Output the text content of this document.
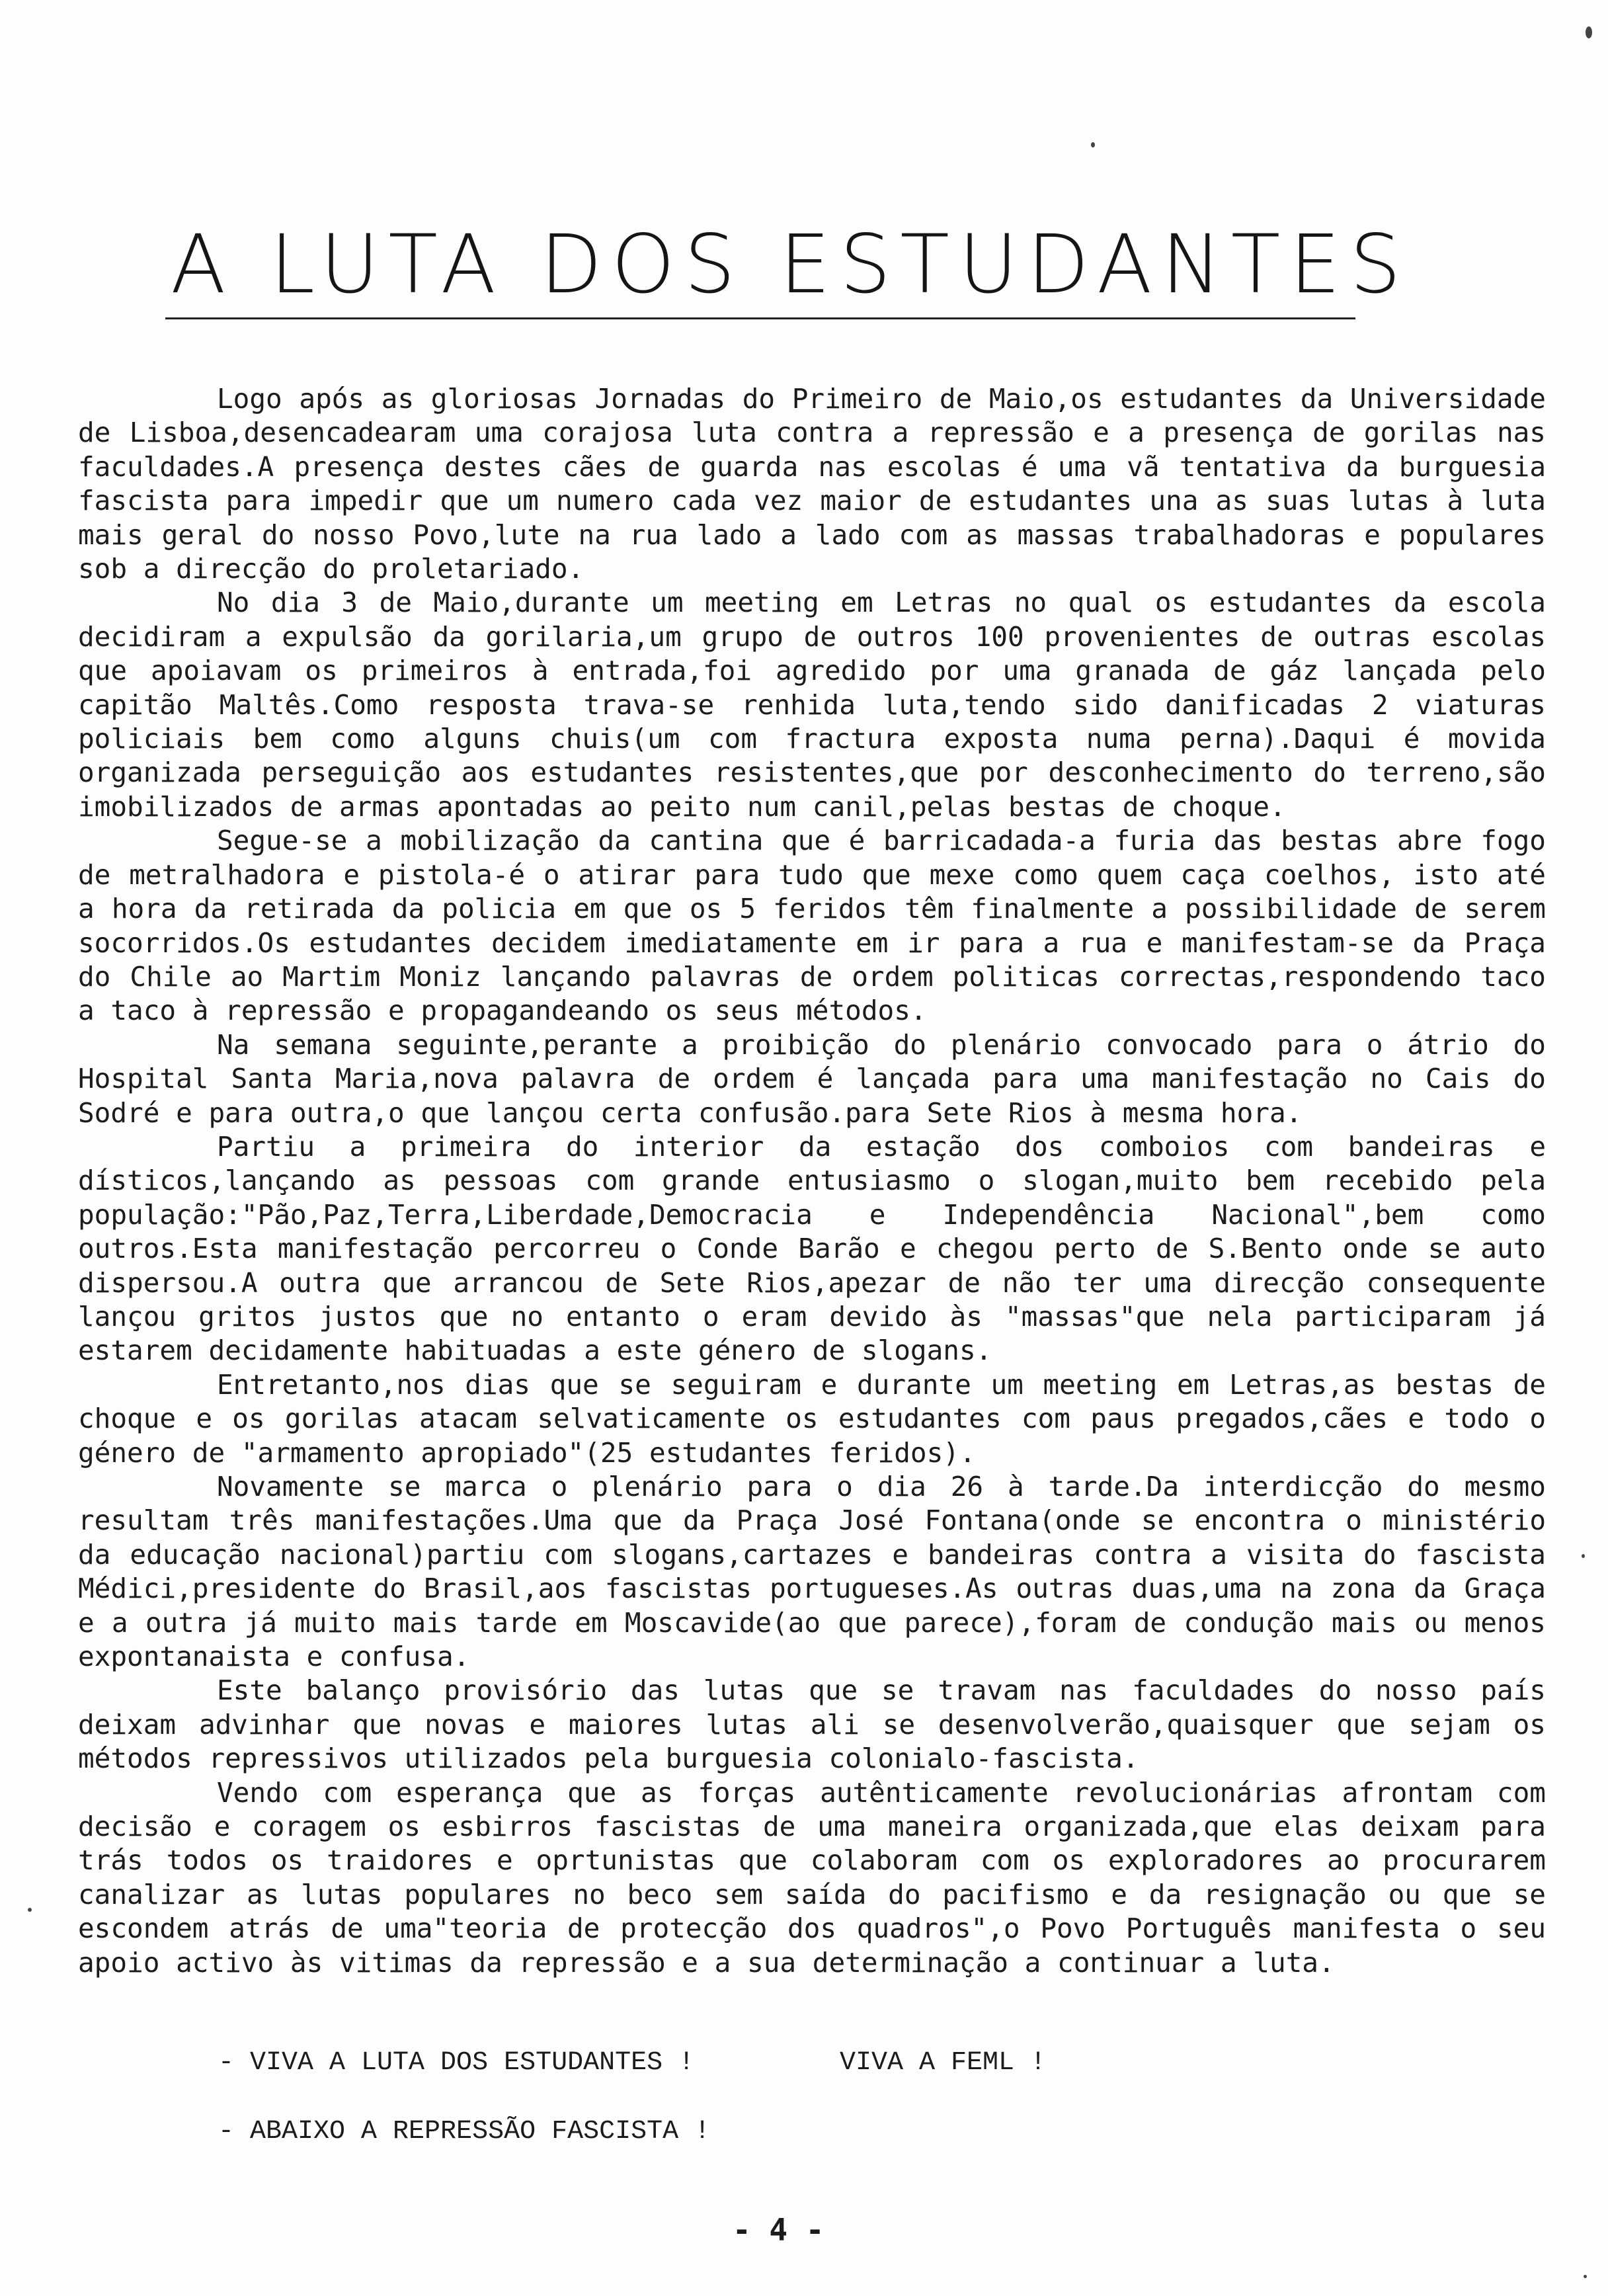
A LUTA DOS ESTUDANTES

Logo após as gloriosas Jornadas do Primeiro de Maio,os estudantes da Universidade de Lisboa,desencadearam uma corajosa luta contra a repressão e a presença de gorilas nas faculdades.A presença destes cães de guarda nas escolas é uma vã tentativa da burguesia fascista para impedir que um numero cada vez maior de estudantes una as suas lutas à luta mais geral do nosso Povo,lute na rua lado a lado com as massas trabalhadoras e populares sob a direcção do proletariado.

No dia 3 de Maio,durante um meeting em Letras no qual os estudantes da escola decidiram a expulsão da gorilaria,um grupo de outros 100 provenientes de outras escolas que apoiavam os primeiros à entrada,foi agredido por uma granada de gáz lançada pelo capitão Maltês.Como resposta trava-se renhida luta,tendo sido danificadas 2 viaturas policiais bem como alguns chuis(um com fractura exposta numa perna).Daqui é movida organizada perseguição aos estudantes resistentes,que por desconhecimento do terreno,são imobilizados de armas apontadas ao peito num canil,pelas bestas de choque.

Segue-se a mobilização da cantina que é barricadada-a furia das bestas abre fogo de metralhadora e pistola-é o atirar para tudo que mexe como quem caça coelhos, isto até a hora da retirada da policia em que os 5 feridos têm finalmente a possibilidade de serem socorridos.Os estudantes decidem imediatamente em ir para a rua e manifestam-se da Praça do Chile ao Martim Moniz lançando palavras de ordem politicas correctas,respondendo taco a taco à repressão e propagandeando os seus métodos.

Na semana seguinte,perante a proibição do plenário convocado para o átrio do Hospital Santa Maria,nova palavra de ordem é lançada para uma manifestação no Cais do Sodré e para outra,o que lançou certa confusão.para Sete Rios à mesma hora.

Partiu a primeira do interior da estação dos comboios com bandeiras e dísticos,lançando as pessoas com grande entusiasmo o slogan,muito bem recebido pela população:"Pão,Paz,Terra,Liberdade,Democracia e Independência Nacional",bem como outros.Esta manifestação percorreu o Conde Barão e chegou perto de S.Bento onde se auto dispersou.A outra que arrancou de Sete Rios,apezar de não ter uma direcção consequente lançou gritos justos que no entanto o eram devido às "massas"que nela participaram já estarem decidamente habituadas a este género de slogans.

Entretanto,nos dias que se seguiram e durante um meeting em Letras,as bestas de choque e os gorilas atacam selvaticamente os estudantes com paus pregados,cães e todo o género de "armamento apropiado"(25 estudantes feridos).

Novamente se marca o plenário para o dia 26 à tarde.Da interdicção do mesmo resultam três manifestações.Uma que da Praça José Fontana(onde se encontra o ministério da educação nacional)partiu com slogans,cartazes e bandeiras contra a visita do fascista Médici,presidente do Brasil,aos fascistas portugueses.As outras duas,uma na zona da Graça e a outra já muito mais tarde em Moscavide(ao que parece),foram de condução mais ou menos expontanaista e confusa.

Este balanço provisório das lutas que se travam nas faculdades do nosso país deixam advinhar que novas e maiores lutas ali se desenvolverão,quaisquer que sejam os métodos repressivos utilizados pela burguesia colonialo-fascista.

Vendo com esperança que as forças autênticamente revolucionárias afrontam com decisão e coragem os esbirros fascistas de uma maneira organizada,que elas deixam para trás todos os traidores e oprtunistas que colaboram com os exploradores ao procurarem canalizar as lutas populares no beco sem saída do pacifismo e da resignação ou que se escondem atrás de uma"teoria de protecção dos quadros",o Povo Português manifesta o seu apoio activo às vitimas da repressão e a sua determinação a continuar a luta.

- VIVA A LUTA DOS ESTUDANTES !	VIVA A FEML !
- ABAIXO A REPRESSÃO FASCISTA !
- 4 -
